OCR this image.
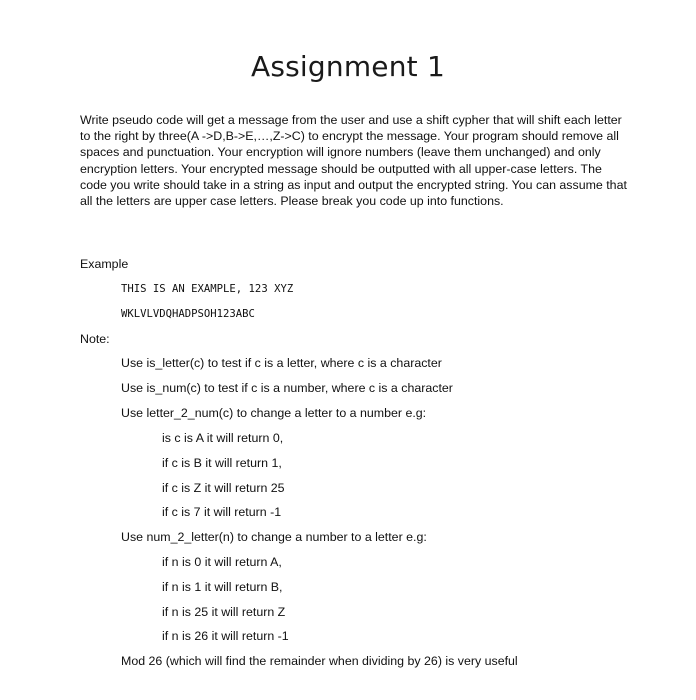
Assignment 1

Write pseudo code will get a message from the user and use a shift cypher that will shift each letter to the right by three(A ->D,B->E,…,Z->C) to encrypt the message. Your program should remove all spaces and punctuation. Your encryption will ignore numbers (leave them unchanged) and only encryption letters. Your encrypted message should be outputted with all upper-case letters. The code you write should take in a string as input and output the encrypted string. You can assume that all the letters are upper case letters. Please break you code up into functions.

Example

THIS IS AN EXAMPLE, 123 XYZ

WKLVLVDQHADPSOH123ABC

Note:

Use is_letter(c) to test if c is a letter, where c is a character

Use is_num(c) to test if c is a number, where c is a character

Use letter_2_num(c) to change a letter to a number e.g:

is c is A it will return 0,

if c is B it will return 1,

if c is Z it will return 25

if c is 7 it will return -1

Use num_2_letter(n) to change a number to a letter e.g:

if n is 0 it will return A,

if n is 1 it will return B,

if n is 25 it will return Z

if n is 26 it will return -1

Mod 26 (which will find the remainder when dividing by 26) is very useful
